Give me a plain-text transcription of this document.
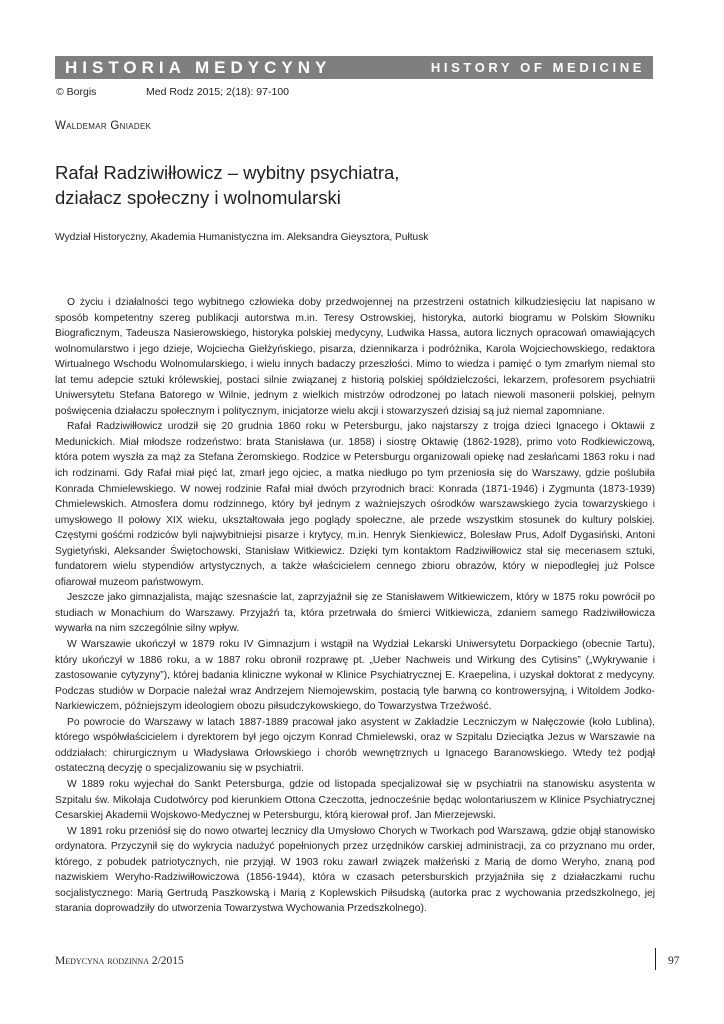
HISTORIA MEDYCYNY	HISTORY OF MEDICINE
© Borgis	Med Rodz 2015; 2(18): 97-100
Waldemar Gniadek
Rafał Radziwiłłowicz – wybitny psychiatra,
działacz społeczny i wolnomularski
Wydział Historyczny, Akademia Humanistyczna im. Aleksandra Gieysztora, Pułtusk

O życiu i działalności tego wybitnego człowieka doby przedwojennej na przestrzeni ostatnich kilkudziesięciu lat napisano w sposób kompetentny szereg publikacji autorstwa m.in. Teresy Ostrowskiej, historyka, autorki biogramu w Polskim Słowniku Biograficznym, Tadeusza Nasierowskiego, historyka polskiej medycyny, Ludwika Hassa, autora licznych opracowań omawiających wolnomularstwo i jego dzieje, Wojciecha Giełżyńskiego, pisarza, dziennikarza i podróżnika, Karola Wojciechowskiego, redaktora Wirtualnego Wschodu Wolnomularskiego, i wielu innych badaczy przeszłości. Mimo to wiedza i pamięć o tym zmarłym niemal sto lat temu adepcie sztuki królewskiej, postaci silnie związanej z historią polskiej spółdzielczości, lekarzem, profesorem psychiatrii Uniwersytetu Stefana Batorego w Wilnie, jednym z wielkich mistrzów odrodzonej po latach niewoli masonerii polskiej, pełnym poświęcenia działaczu społecznym i politycznym, inicjatorze wielu akcji i stowarzyszeń dzisiaj są już niemal zapomniane.

Rafał Radziwiłłowicz urodził się 20 grudnia 1860 roku w Petersburgu, jako najstarszy z trojga dzieci Ignacego i Oktawii z Medunickich. Miał młodsze rodzeństwo: brata Stanisława (ur. 1858) i siostrę Oktawię (1862-1928), primo voto Rodkiewiczową, która potem wyszła za mąż za Stefana Żeromskiego. Rodzice w Petersburgu organizowali opiekę nad zesłańcami 1863 roku i nad ich rodzinami. Gdy Rafał miał pięć lat, zmarł jego ojciec, a matka niedługo po tym przeniosła się do Warszawy, gdzie poślubiła Konrada Chmielewskiego. W nowej rodzinie Rafał miał dwóch przyrodnich braci: Konrada (1871-1946) i Zygmunta (1873-1939) Chmielewskich. Atmosfera domu rodzinnego, który był jednym z ważniejszych ośrodków warszawskiego życia towarzyskiego i umysłowego II połowy XIX wieku, ukształtowała jego poglądy społeczne, ale przede wszystkim stosunek do kultury polskiej. Częstymi gośćmi rodziców byli najwybitniejsi pisarze i krytycy, m.in. Henryk Sienkiewicz, Bolesław Prus, Adolf Dygasiński, Antoni Sygietyński, Aleksander Świętochowski, Stanisław Witkiewicz. Dzięki tym kontaktom Radziwiłłowicz stał się mecenasem sztuki, fundatorem wielu stypendiów artystycznych, a także właścicielem cennego zbioru obrazów, który w niepodległej już Polsce ofiarował muzeom państwowym.

Jeszcze jako gimnazjalista, mając szesnaście lat, zaprzyjaźnił się ze Stanisławem Witkiewiczem, który w 1875 roku powrócił po studiach w Monachium do Warszawy. Przyjaźń ta, która przetrwała do śmierci Witkiewicza, zdaniem samego Radziwiłłowicza wywarła na nim szczególnie silny wpływ.

W Warszawie ukończył w 1879 roku IV Gimnazjum i wstąpił na Wydział Lekarski Uniwersytetu Dorpackiego (obecnie Tartu), który ukończył w 1886 roku, a w 1887 roku obronił rozprawę pt. „Ueber Nachweis und Wirkung des Cytisins” („Wykrywanie i zastosowanie cytyzyny”), której badania kliniczne wykonał w Klinice Psychiatrycznej E. Kraepelina, i uzyskał doktorat z medycyny. Podczas studiów w Dorpacie należał wraz Andrzejem Niemojewskim, postacią tyle barwną co kontrowersyjną, i Witoldem Jodko-Narkiewiczem, późniejszym ideologiem obozu piłsudczykowskiego, do Towarzystwa Trzeźwość.

Po powrocie do Warszawy w latach 1887-1889 pracował jako asystent w Zakładzie Leczniczym w Nałęczowie (koło Lublina), którego współwłaścicielem i dyrektorem był jego ojczym Konrad Chmielewski, oraz w Szpitalu Dzieciątka Jezus w Warszawie na oddziałach: chirurgicznym u Władysława Orłowskiego i chorób wewnętrznych u Ignacego Baranowskiego. Wtedy też podjął ostateczną decyzję o specjalizowaniu się w psychiatrii.

W 1889 roku wyjechał do Sankt Petersburga, gdzie od listopada specjalizował się w psychiatrii na stanowisku asystenta w Szpitalu św. Mikołaja Cudotwórcy pod kierunkiem Ottona Czeczotta, jednocześnie będąc wolontariuszem w Klinice Psychiatrycznej Cesarskiej Akademii Wojskowo-Medycznej w Petersburgu, którą kierował prof. Jan Mierzejewski.

W 1891 roku przeniósł się do nowo otwartej lecznicy dla Umysłowo Chorych w Tworkach pod Warszawą, gdzie objął stanowisko ordynatora. Przyczynił się do wykrycia nadużyć popełnionych przez urzędników carskiej administracji, za co przyznano mu order, którego, z pobudek patriotycznych, nie przyjął. W 1903 roku zawarł związek małżeński z Marią de domo Weryho, znaną pod nazwiskiem Weryho-Radziwiłłowiczowa (1856-1944), która w czasach petersburskich przyjaźniła się z działaczkami ruchu socjalistycznego: Marią Gertrudą Paszkowską i Marią z Koplewskich Piłsudską (autorka prac z wychowania przedszkolnego, jej starania doprowadziły do utworzenia Towarzystwa Wychowania Przedszkolnego).

Medycyna rodzinna 2/2015	97
